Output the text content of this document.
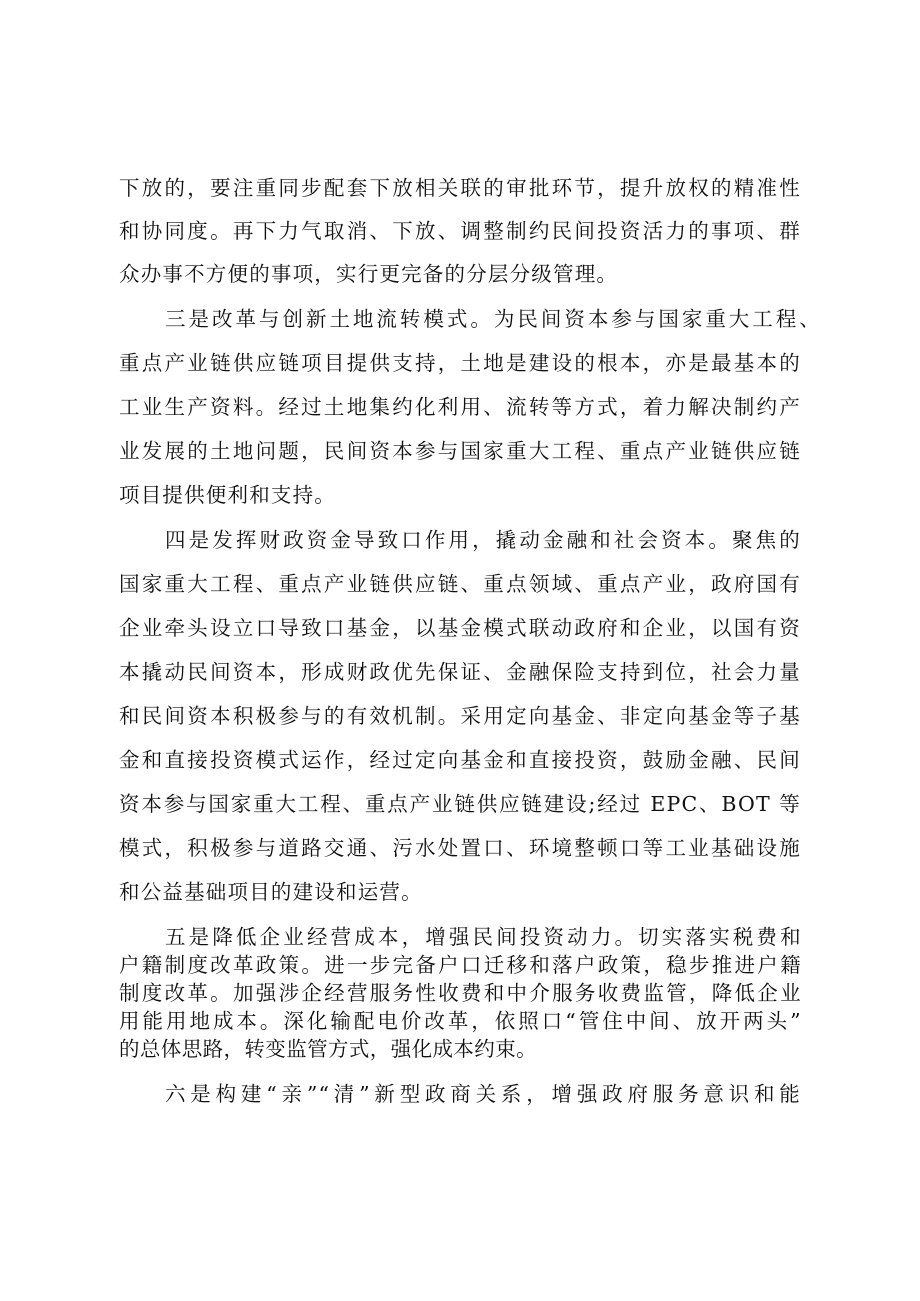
下放的，要注重同步配套下放相关联的审批环节，提升放权的精准性
和协同度。再下力气取消、下放、调整制约民间投资活力的事项、群
众办事不方便的事项，实行更完备的分层分级管理。
三是改革与创新土地流转模式。为民间资本参与国家重大工程、
重点产业链供应链项目提供支持，土地是建设的根本，亦是最基本的
工业生产资料。经过土地集约化利用、流转等方式，着力解决制约产
业发展的土地问题，民间资本参与国家重大工程、重点产业链供应链
项目提供便利和支持。
四是发挥财政资金导致口作用，撬动金融和社会资本。聚焦的
国家重大工程、重点产业链供应链、重点领域、重点产业，政府国有
企业牵头设立口导致口基金，以基金模式联动政府和企业，以国有资
本撬动民间资本，形成财政优先保证、金融保险支持到位，社会力量
和民间资本积极参与的有效机制。采用定向基金、非定向基金等子基
金和直接投资模式运作，经过定向基金和直接投资，鼓励金融、民间
资本参与国家重大工程、重点产业链供应链建设;经过 EPC、BOT 等
模式，积极参与道路交通、污水处置口、环境整顿口等工业基础设施
和公益基础项目的建设和运营。
五是降低企业经营成本，增强民间投资动力。切实落实税费和
户籍制度改革政策。进一步完备户口迁移和落户政策，稳步推进户籍
制度改革。加强涉企经营服务性收费和中介服务收费监管，降低企业
用能用地成本。深化输配电价改革，依照口“管住中间、放开两头”
的总体思路，转变监管方式，强化成本约束。
六是构建“亲”“清”新型政商关系，增强政府服务意识和能
